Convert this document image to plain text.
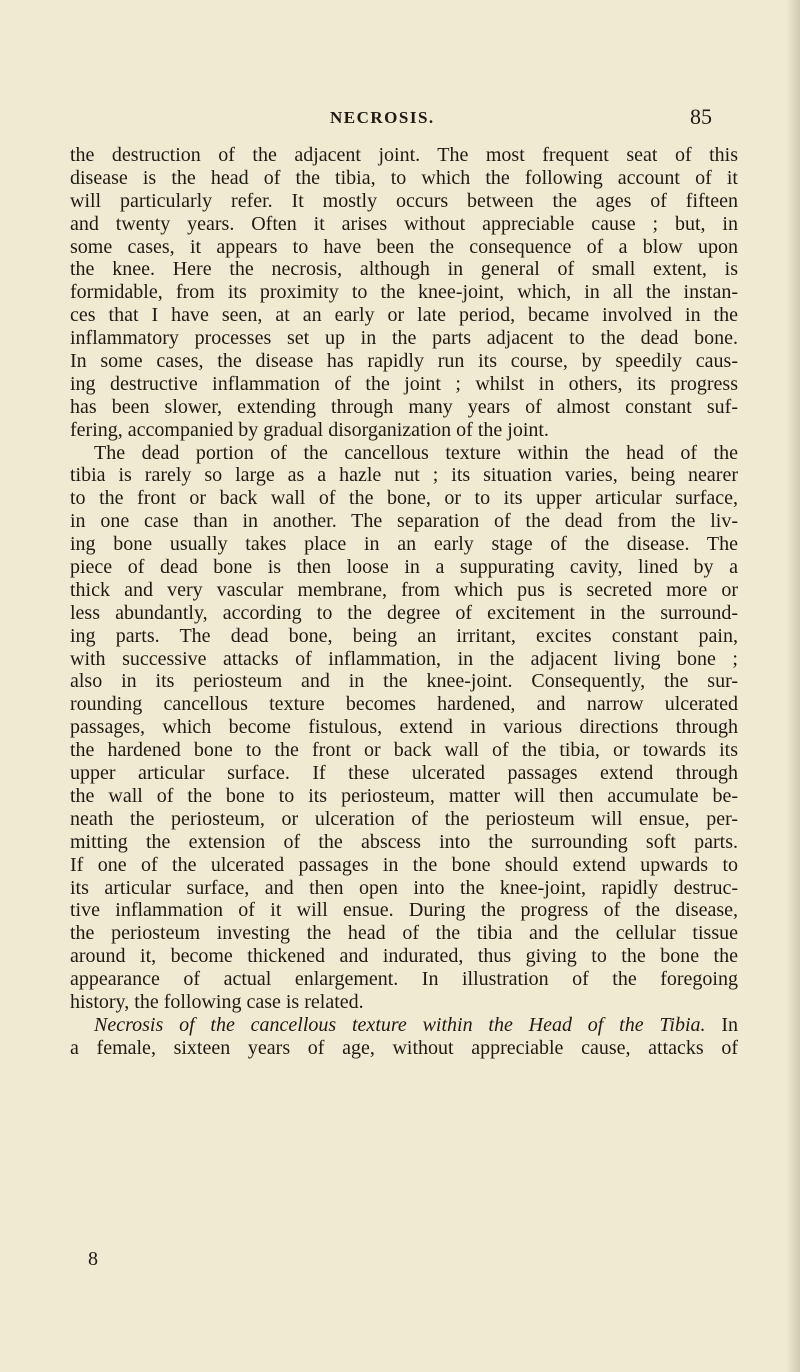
NECROSIS.	85
the destruction of the adjacent joint. The most frequent seat of this
disease is the head of the tibia, to which the following account of it
will particularly refer. It mostly occurs between the ages of fifteen
and twenty years. Often it arises without appreciable cause ; but, in
some cases, it appears to have been the consequence of a blow upon
the knee. Here the necrosis, although in general of small extent, is
formidable, from its proximity to the knee-joint, which, in all the instan-
ces that I have seen, at an early or late period, became involved in the
inflammatory processes set up in the parts adjacent to the dead bone.
In some cases, the disease has rapidly run its course, by speedily caus-
ing destructive inflammation of the joint ; whilst in others, its progress
has been slower, extending through many years of almost constant suf-
fering, accompanied by gradual disorganization of the joint.
The dead portion of the cancellous texture within the head of the
tibia is rarely so large as a hazle nut ; its situation varies, being nearer
to the front or back wall of the bone, or to its upper articular surface,
in one case than in another. The separation of the dead from the liv-
ing bone usually takes place in an early stage of the disease. The
piece of dead bone is then loose in a suppurating cavity, lined by a
thick and very vascular membrane, from which pus is secreted more or
less abundantly, according to the degree of excitement in the surround-
ing parts. The dead bone, being an irritant, excites constant pain,
with successive attacks of inflammation, in the adjacent living bone ;
also in its periosteum and in the knee-joint. Consequently, the sur-
rounding cancellous texture becomes hardened, and narrow ulcerated
passages, which become fistulous, extend in various directions through
the hardened bone to the front or back wall of the tibia, or towards its
upper articular surface. If these ulcerated passages extend through
the wall of the bone to its periosteum, matter will then accumulate be-
neath the periosteum, or ulceration of the periosteum will ensue, per-
mitting the extension of the abscess into the surrounding soft parts.
If one of the ulcerated passages in the bone should extend upwards to
its articular surface, and then open into the knee-joint, rapidly destruc-
tive inflammation of it will ensue. During the progress of the disease,
the periosteum investing the head of the tibia and the cellular tissue
around it, become thickened and indurated, thus giving to the bone the
appearance of actual enlargement. In illustration of the foregoing
history, the following case is related.
Necrosis of the cancellous texture within the Head of the Tibia. In
a female, sixteen years of age, without appreciable cause, attacks of
8
